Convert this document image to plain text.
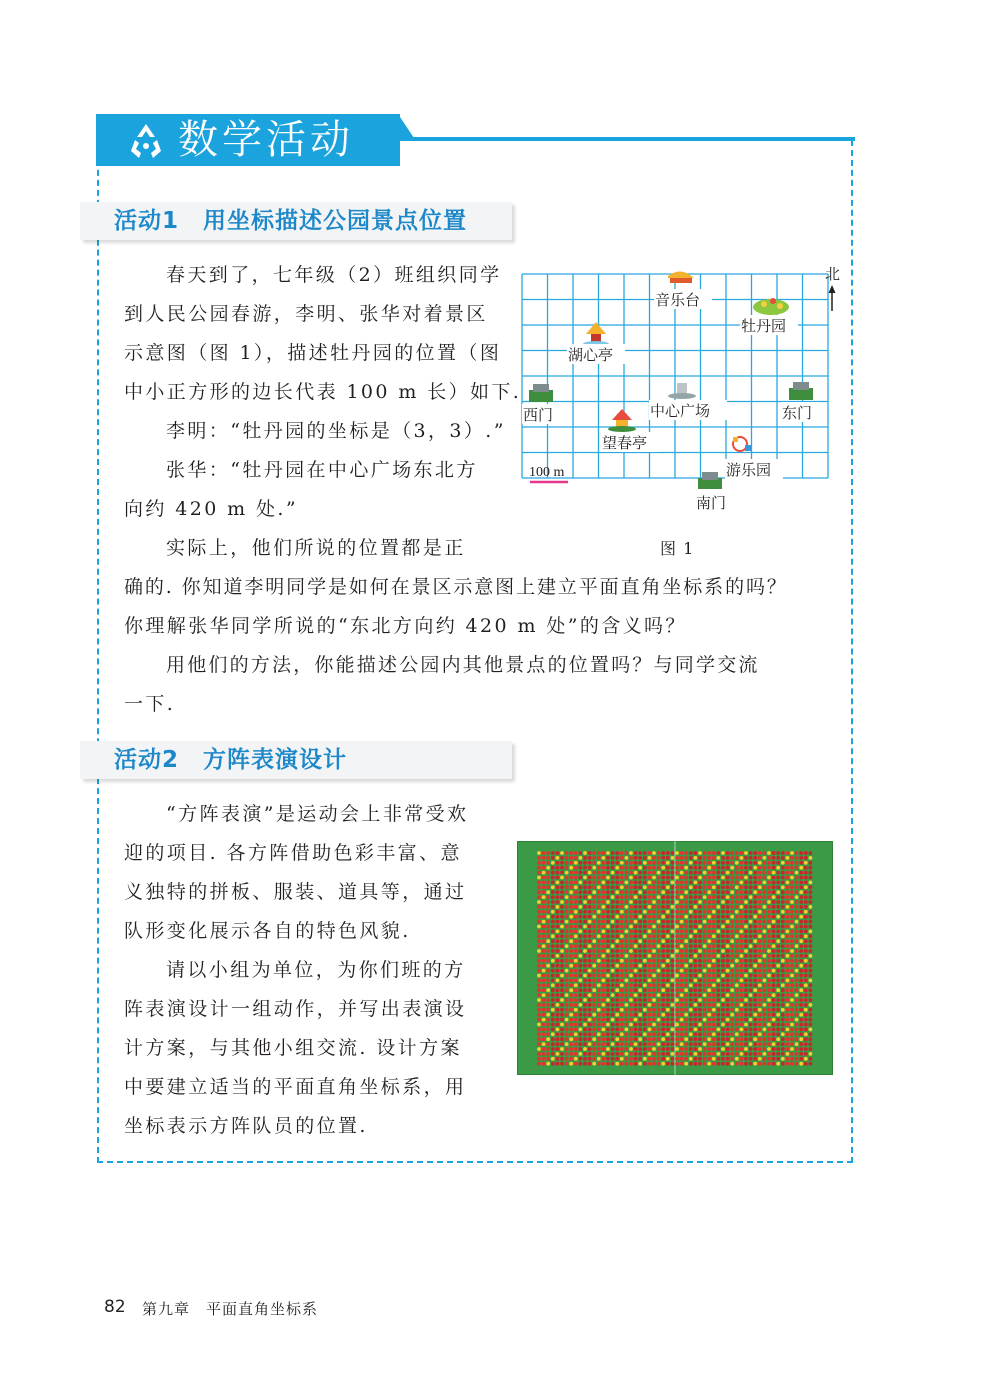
数学活动
活动1　用坐标描述公园景点位置

春天到了，七年级（2）班组织同学

到人民公园春游，李明、张华对着景区

示意图（图 1），描述牡丹园的位置（图

中小正方形的边长代表 100 m 长）如下.

李明：“牡丹园的坐标是（3，3）.”

张华：“牡丹园在中心广场东北方

向约 420 m 处.”

实际上，他们所说的位置都是正

确的. 你知道李明同学是如何在景区示意图上建立平面直角坐标系的吗？

你理解张华同学所说的“东北方向约 420 m 处”的含义吗？

用他们的方法，你能描述公园内其他景点的位置吗？与同学交流

一下.

100 m
北
音乐台
牡丹园
湖心亭
西门	中心广场	东门
望春亭
游乐园
南门
图 1
活动2　方阵表演设计

“方阵表演”是运动会上非常受欢

迎的项目. 各方阵借助色彩丰富、意

义独特的拼板、服装、道具等，通过

队形变化展示各自的特色风貌.

请以小组为单位，为你们班的方

阵表演设计一组动作，并写出表演设

计方案，与其他小组交流. 设计方案

中要建立适当的平面直角坐标系，用

坐标表示方阵队员的位置.

82 第九章　平面直角坐标系
